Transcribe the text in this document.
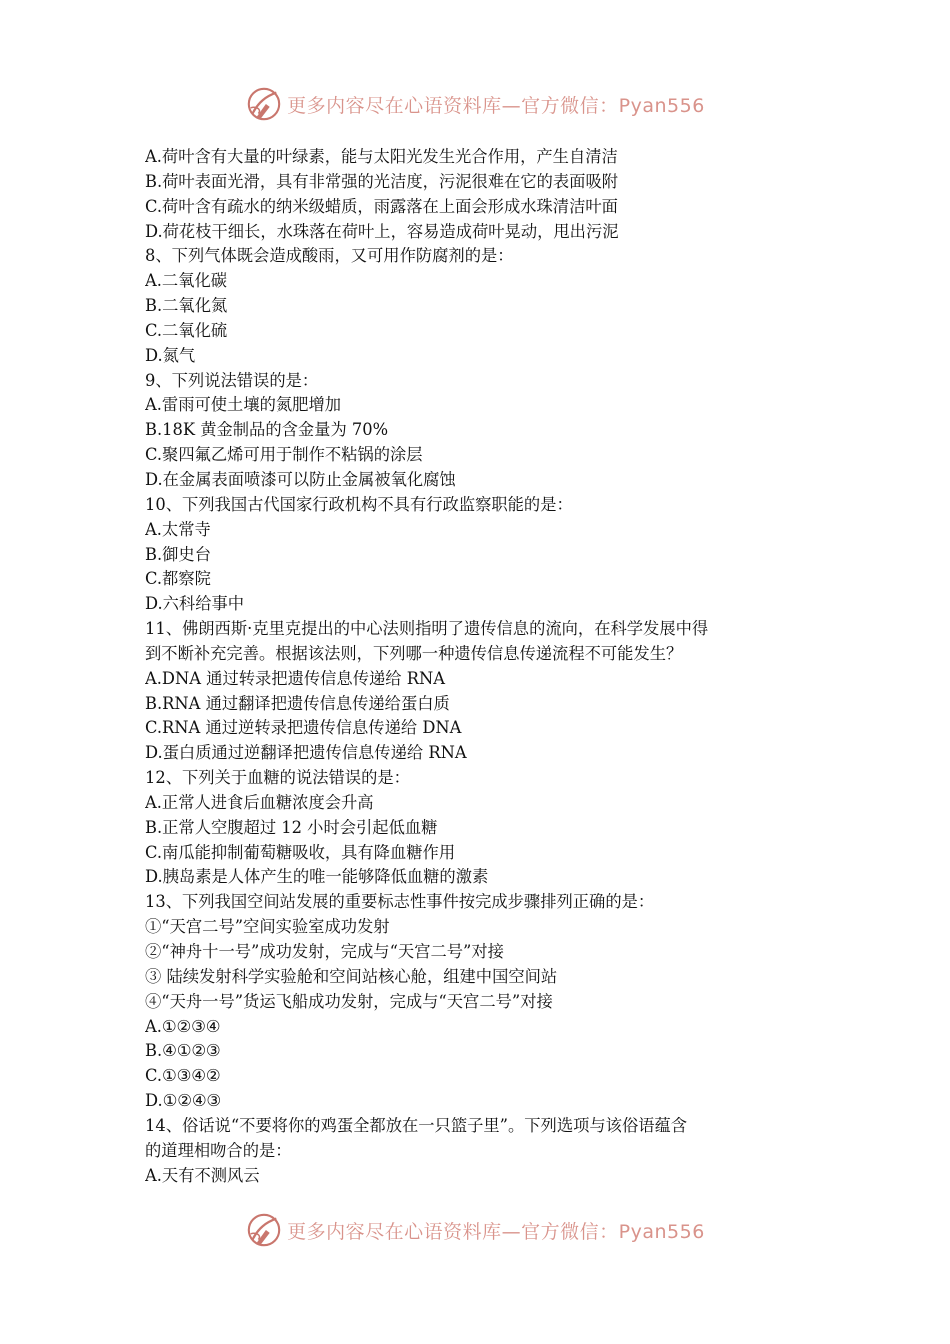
更多内容尽在心语资料库—官方微信：Pyan556
A.荷叶含有大量的叶绿素，能与太阳光发生光合作用，产生自清洁
B.荷叶表面光滑，具有非常强的光洁度，污泥很难在它的表面吸附
C.荷叶含有疏水的纳米级蜡质，雨露落在上面会形成水珠清洁叶面
D.荷花枝干细长，水珠落在荷叶上，容易造成荷叶晃动，甩出污泥
8、下列气体既会造成酸雨，又可用作防腐剂的是：
A.二氧化碳
B.二氧化氮
C.二氧化硫
D.氮气
9、下列说法错误的是：
A.雷雨可使土壤的氮肥增加
B.18K 黄金制品的含金量为 70%
C.聚四氟乙烯可用于制作不粘锅的涂层
D.在金属表面喷漆可以防止金属被氧化腐蚀
10、下列我国古代国家行政机构不具有行政监察职能的是：
A.太常寺
B.御史台
C.都察院
D.六科给事中
11、佛朗西斯·克里克提出的中心法则指明了遗传信息的流向，在科学发展中得
到不断补充完善。根据该法则，下列哪一种遗传信息传递流程不可能发生？
A.DNA 通过转录把遗传信息传递给 RNA
B.RNA 通过翻译把遗传信息传递给蛋白质
C.RNA 通过逆转录把遗传信息传递给 DNA
D.蛋白质通过逆翻译把遗传信息传递给 RNA
12、下列关于血糖的说法错误的是：
A.正常人进食后血糖浓度会升高
B.正常人空腹超过 12 小时会引起低血糖
C.南瓜能抑制葡萄糖吸收，具有降血糖作用
D.胰岛素是人体产生的唯一能够降低血糖的激素
13、下列我国空间站发展的重要标志性事件按完成步骤排列正确的是：
①“天宫二号”空间实验室成功发射
②“神舟十一号”成功发射，完成与“天宫二号”对接
③ 陆续发射科学实验舱和空间站核心舱，组建中国空间站
④“天舟一号”货运飞船成功发射，完成与“天宫二号”对接
A.①②③④
B.④①②③
C.①③④②
D.①②④③
14、俗话说“不要将你的鸡蛋全都放在一只篮子里”。下列选项与该俗语蕴含
的道理相吻合的是：
A.天有不测风云
更多内容尽在心语资料库—官方微信：Pyan556
